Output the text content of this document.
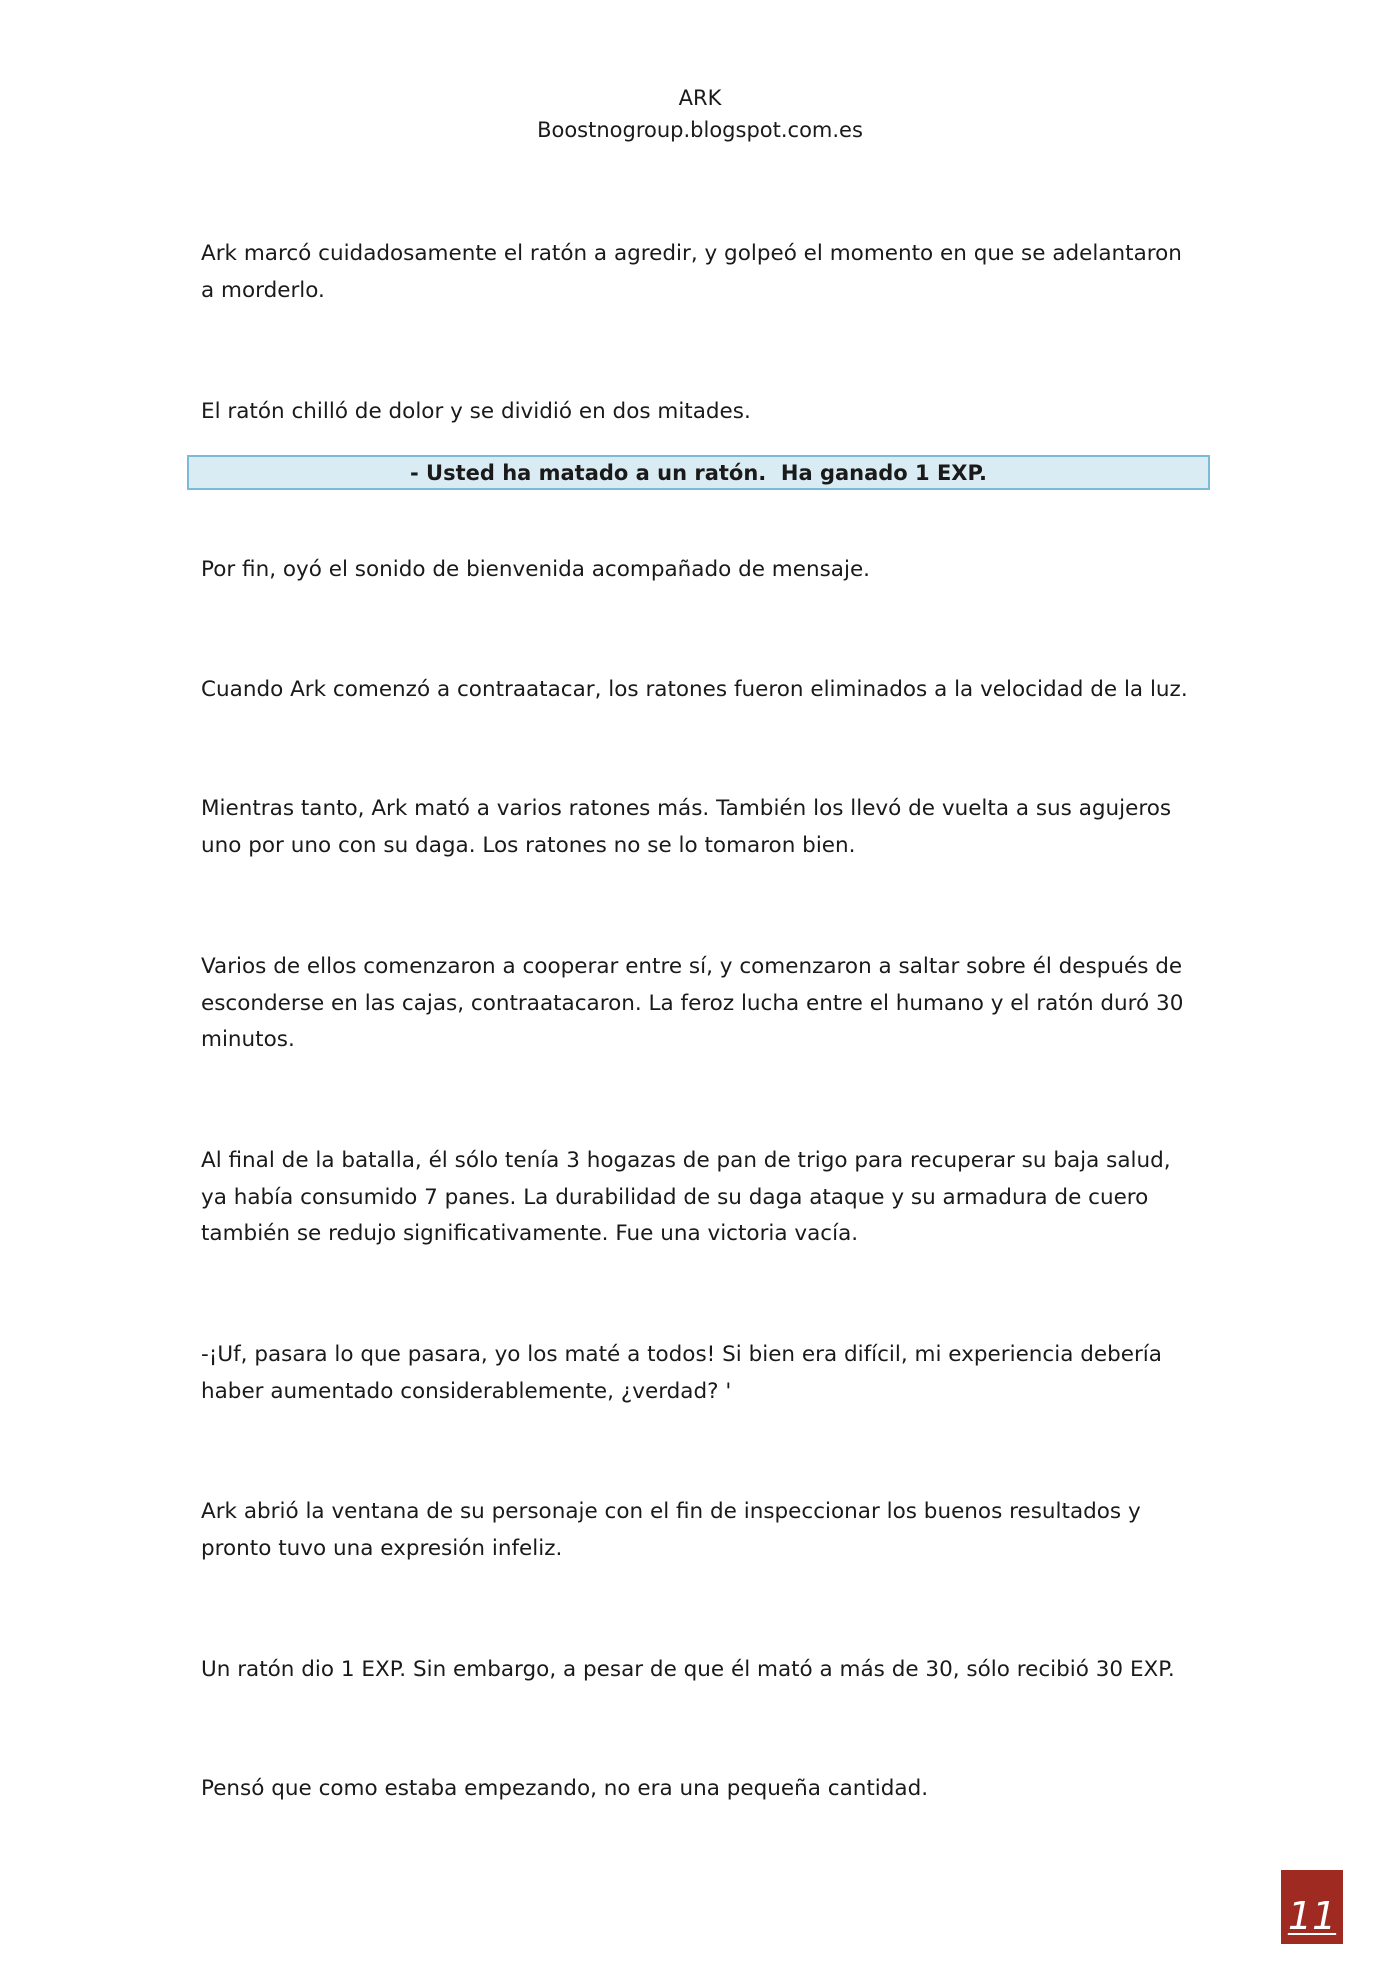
ARK
Boostnogroup.blogspot.com.es

Ark marcó cuidadosamente el ratón a agredir, y golpeó el momento en que se adelantaron a morderlo.

El ratón chilló de dolor y se dividió en dos mitades.

- Usted ha matado a un ratón.  Ha ganado 1 EXP.

Por fin, oyó el sonido de bienvenida acompañado de mensaje.

Cuando Ark comenzó a contraatacar, los ratones fueron eliminados a la velocidad de la luz.

Mientras tanto, Ark mató a varios ratones más. También los llevó de vuelta a sus agujeros uno por uno con su daga. Los ratones no se lo tomaron bien.

Varios de ellos comenzaron a cooperar entre sí, y comenzaron a saltar sobre él después de esconderse en las cajas, contraatacaron. La feroz lucha entre el humano y el ratón duró 30 minutos.

Al final de la batalla, él sólo tenía 3 hogazas de pan de trigo para recuperar su baja salud, ya había consumido 7 panes. La durabilidad de su daga ataque y su armadura de cuero también se redujo significativamente. Fue una victoria vacía.

-¡Uf, pasara lo que pasara, yo los maté a todos! Si bien era difícil, mi experiencia debería haber aumentado considerablemente, ¿verdad? '

Ark abrió la ventana de su personaje con el fin de inspeccionar los buenos resultados y pronto tuvo una expresión infeliz.

Un ratón dio 1 EXP. Sin embargo, a pesar de que él mató a más de 30, sólo recibió 30 EXP.

Pensó que como estaba empezando, no era una pequeña cantidad.

11
